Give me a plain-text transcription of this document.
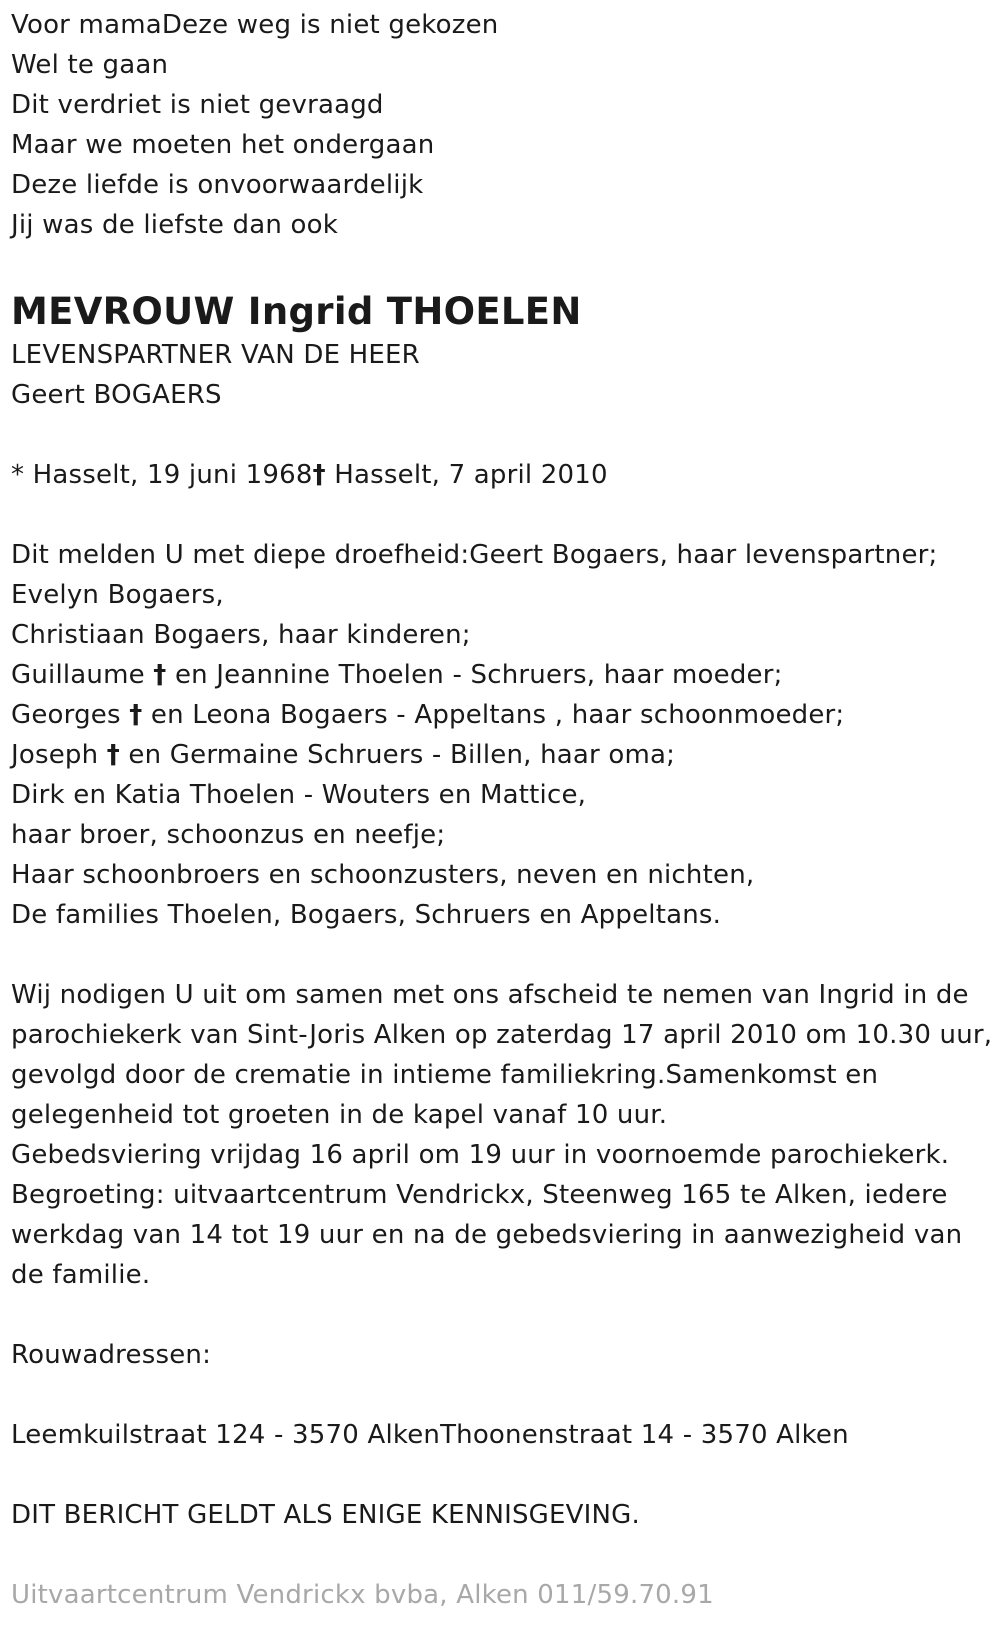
Voor mamaDeze weg is niet gekozen
Wel te gaan
Dit verdriet is niet gevraagd
Maar we moeten het ondergaan
Deze liefde is onvoorwaardelijk
Jij was de liefste dan ook
MEVROUW Ingrid THOELEN
LEVENSPARTNER VAN DE HEER
Geert BOGAERS
* Hasselt, 19 juni 1968† Hasselt, 7 april 2010
Dit melden U met diepe droefheid:Geert Bogaers, haar levenspartner;
Evelyn Bogaers,
Christiaan Bogaers, haar kinderen;
Guillaume † en Jeannine Thoelen - Schruers, haar moeder;
Georges † en Leona Bogaers - Appeltans , haar schoonmoeder;
Joseph † en Germaine Schruers - Billen, haar oma;
Dirk en Katia Thoelen - Wouters en Mattice,
haar broer, schoonzus en neefje;
Haar schoonbroers en schoonzusters, neven en nichten,
De families Thoelen, Bogaers, Schruers en Appeltans.
Wij nodigen U uit om samen met ons afscheid te nemen van Ingrid in de
parochiekerk van Sint-Joris Alken op zaterdag 17 april 2010 om 10.30 uur,
gevolgd door de crematie in intieme familiekring.Samenkomst en
gelegenheid tot groeten in de kapel vanaf 10 uur.
Gebedsviering vrijdag 16 april om 19 uur in voornoemde parochiekerk.
Begroeting: uitvaartcentrum Vendrickx, Steenweg 165 te Alken, iedere
werkdag van 14 tot 19 uur en na de gebedsviering in aanwezigheid van
de familie.
Rouwadressen:
Leemkuilstraat 124 - 3570 AlkenThoonenstraat 14 - 3570 Alken
DIT BERICHT GELDT ALS ENIGE KENNISGEVING.
Uitvaartcentrum Vendrickx bvba, Alken 011/59.70.91
